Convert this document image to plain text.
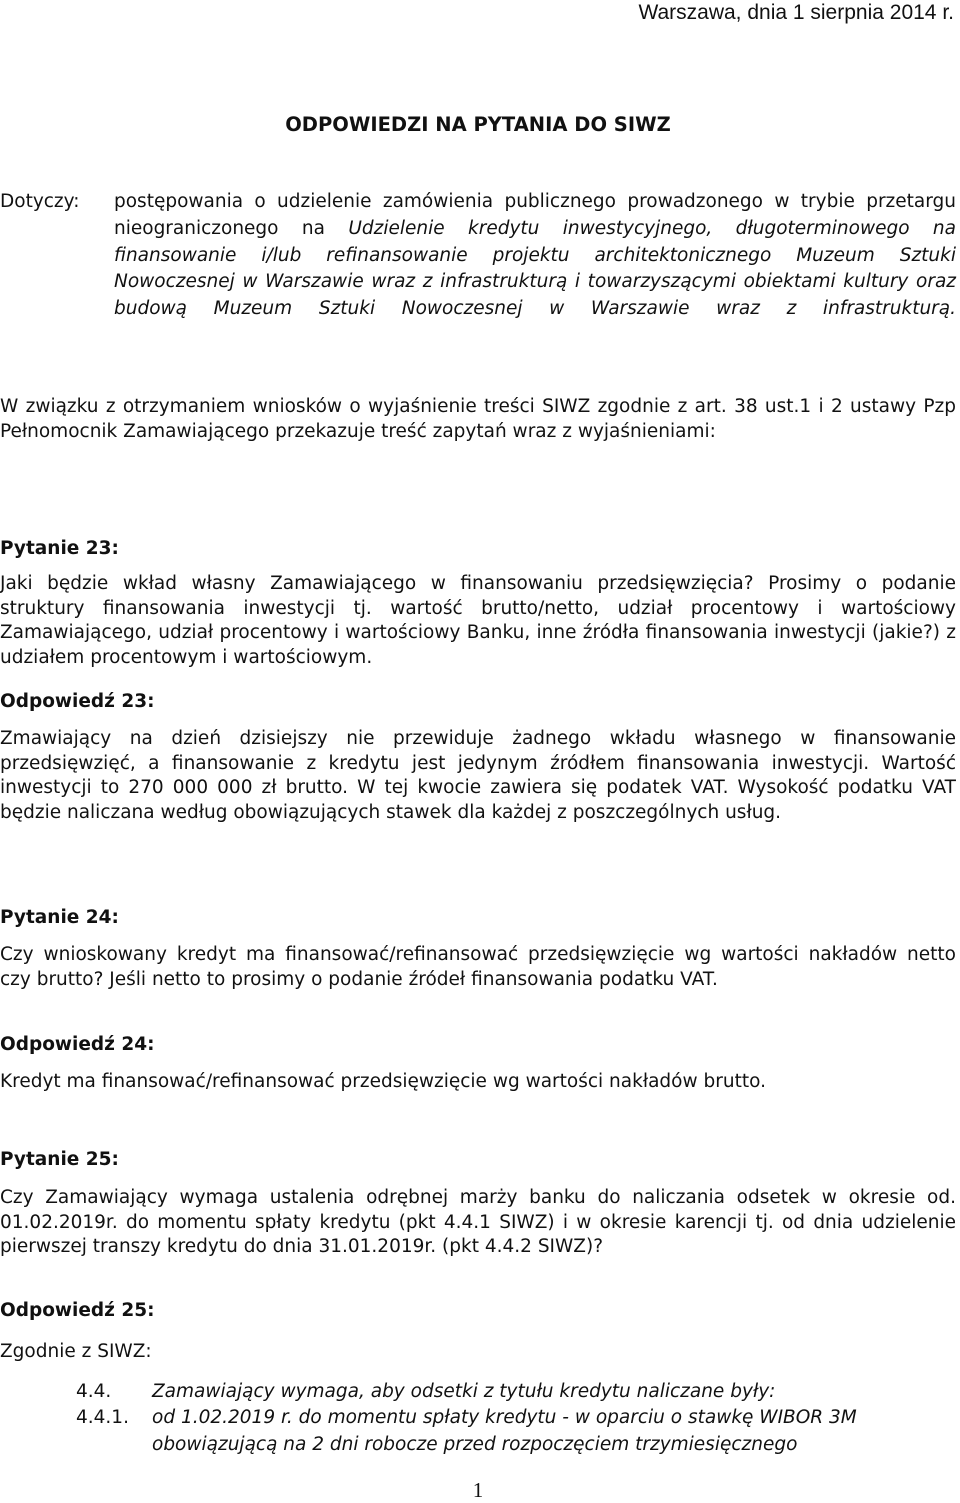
Warszawa, dnia 1 sierpnia 2014 r.
ODPOWIEDZI NA PYTANIA DO SIWZ
Dotyczy:	postępowania o udzielenie zamówienia publicznego prowadzonego w trybie przetargu nieograniczonego na Udzielenie kredytu inwestycyjnego, długoterminowego na finansowanie i/lub refinansowanie projektu architektonicznego Muzeum Sztuki Nowoczesnej w Warszawie wraz z infrastrukturą i towarzyszącymi obiektami kultury oraz budową Muzeum Sztuki Nowoczesnej w Warszawie wraz z infrastrukturą.
W związku z otrzymaniem wniosków o wyjaśnienie treści SIWZ zgodnie z art. 38 ust.1 i 2 ustawy Pzp Pełnomocnik Zamawiającego przekazuje treść zapytań wraz z wyjaśnieniami:
Pytanie 23:
Jaki będzie wkład własny Zamawiającego w finansowaniu przedsięwzięcia? Prosimy o podanie struktury finansowania inwestycji tj. wartość brutto/netto, udział procentowy i wartościowy Zamawiającego, udział procentowy i wartościowy Banku, inne źródła finansowania inwestycji (jakie?) z udziałem procentowym i wartościowym.
Odpowiedź 23:
Zmawiający na dzień dzisiejszy nie przewiduje żadnego wkładu własnego w finansowanie przedsięwzięć, a finansowanie z kredytu jest jedynym źródłem finansowania inwestycji. Wartość inwestycji to 270 000 000 zł brutto. W tej kwocie zawiera się podatek VAT. Wysokość podatku VAT będzie naliczana według obowiązujących stawek dla każdej z poszczególnych usług.
Pytanie 24:
Czy wnioskowany kredyt ma finansować/refinansować przedsięwzięcie wg wartości nakładów netto czy brutto? Jeśli netto to prosimy o podanie źródeł finansowania podatku VAT.
Odpowiedź 24:
Kredyt ma finansować/refinansować przedsięwzięcie wg wartości nakładów brutto.
Pytanie 25:
Czy Zamawiający wymaga ustalenia odrębnej marży banku do naliczania odsetek w okresie od. 01.02.2019r. do momentu spłaty kredytu (pkt 4.4.1 SIWZ) i w okresie karencji tj. od dnia udzielenie pierwszej transzy kredytu do dnia 31.01.2019r. (pkt 4.4.2 SIWZ)?
Odpowiedź 25:
Zgodnie z SIWZ:
4.4.	Zamawiający wymaga, aby odsetki z tytułu kredytu naliczane były:
4.4.1.	od 1.02.2019 r. do momentu spłaty kredytu - w oparciu o stawkę WIBOR 3M obowiązującą na 2 dni robocze przed rozpoczęciem trzymiesięcznego
1
